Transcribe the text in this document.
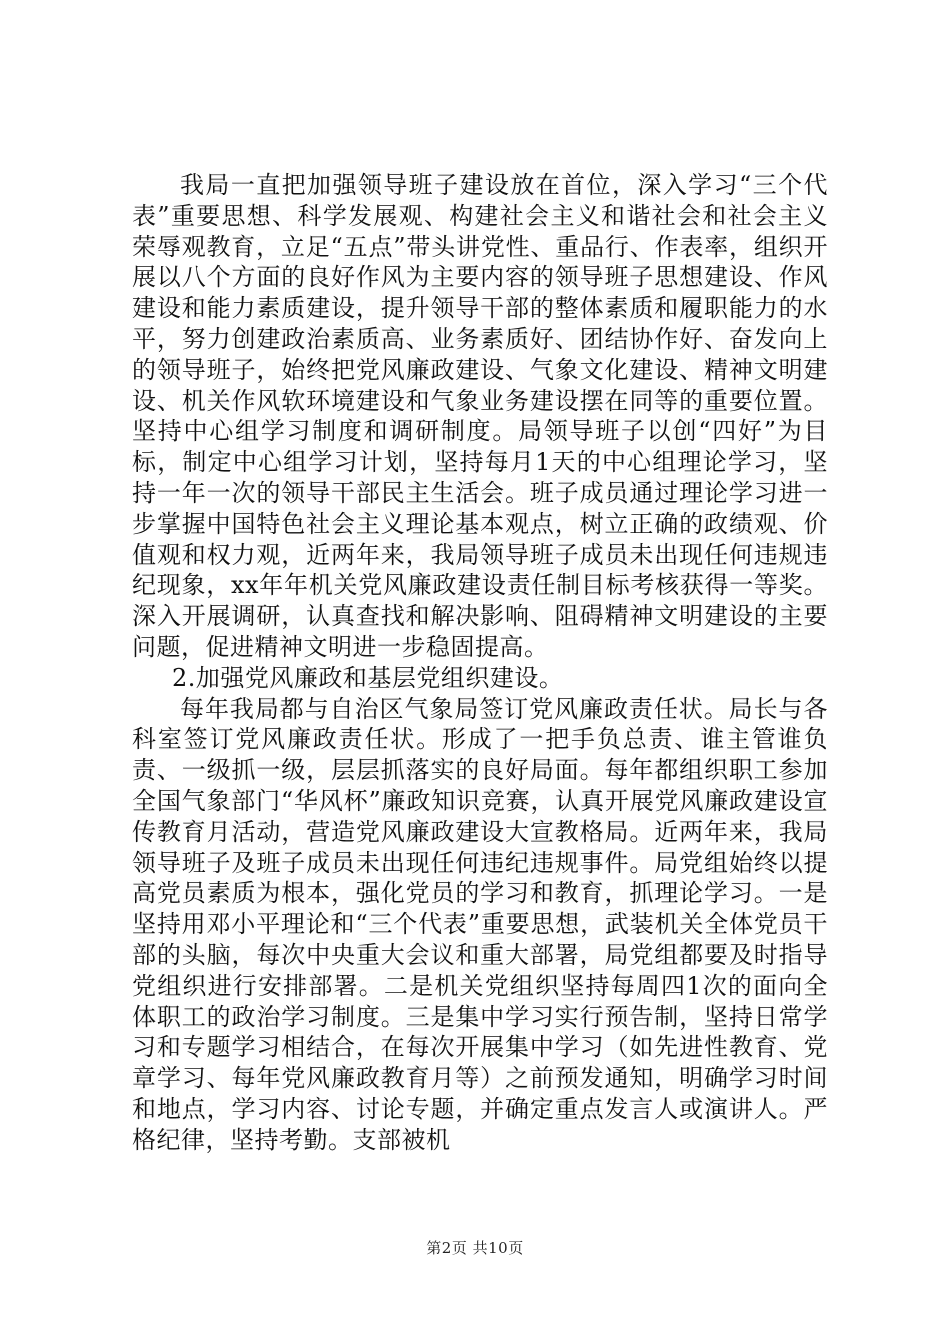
我局一直把加强领导班子建设放在首位，深入学习“三个代表”重要思想、科学发展观、构建社会主义和谐社会和社会主义荣辱观教育，立足“五点”带头讲党性、重品行、作表率，组织开展以八个方面的良好作风为主要内容的领导班子思想建设、作风建设和能力素质建设，提升领导干部的整体素质和履职能力的水平，努力创建政治素质高、业务素质好、团结协作好、奋发向上的领导班子，始终把党风廉政建设、气象文化建设、精神文明建设、机关作风软环境建设和气象业务建设摆在同等的重要位置。坚持中心组学习制度和调研制度。局领导班子以创“四好”为目标，制定中心组学习计划，坚持每月1天的中心组理论学习，坚持一年一次的领导干部民主生活会。班子成员通过理论学习进一步掌握中国特色社会主义理论基本观点，树立正确的政绩观、价值观和权力观，近两年来，我局领导班子成员未出现任何违规违纪现象，xx年年机关党风廉政建设责任制目标考核获得一等奖。深入开展调研，认真查找和解决影响、阻碍精神文明建设的主要问题，促进精神文明进一步稳固提高。

2.加强党风廉政和基层党组织建设。

每年我局都与自治区气象局签订党风廉政责任状。局长与各科室签订党风廉政责任状。形成了一把手负总责、谁主管谁负责、一级抓一级，层层抓落实的良好局面。每年都组织职工参加全国气象部门“华风杯”廉政知识竞赛，认真开展党风廉政建设宣传教育月活动，营造党风廉政建设大宣教格局。近两年来，我局领导班子及班子成员未出现任何违纪违规事件。局党组始终以提高党员素质为根本，强化党员的学习和教育，抓理论学习。一是坚持用邓小平理论和“三个代表”重要思想，武装机关全体党员干部的头脑，每次中央重大会议和重大部署，局党组都要及时指导党组织进行安排部署。二是机关党组织坚持每周四1次的面向全体职工的政治学习制度。三是集中学习实行预告制，坚持日常学习和专题学习相结合，在每次开展集中学习（如先进性教育、党章学习、每年党风廉政教育月等）之前预发通知，明确学习时间和地点，学习内容、讨论专题，并确定重点发言人或演讲人。严格纪律，坚持考勤。支部被机

第2页 共10页
